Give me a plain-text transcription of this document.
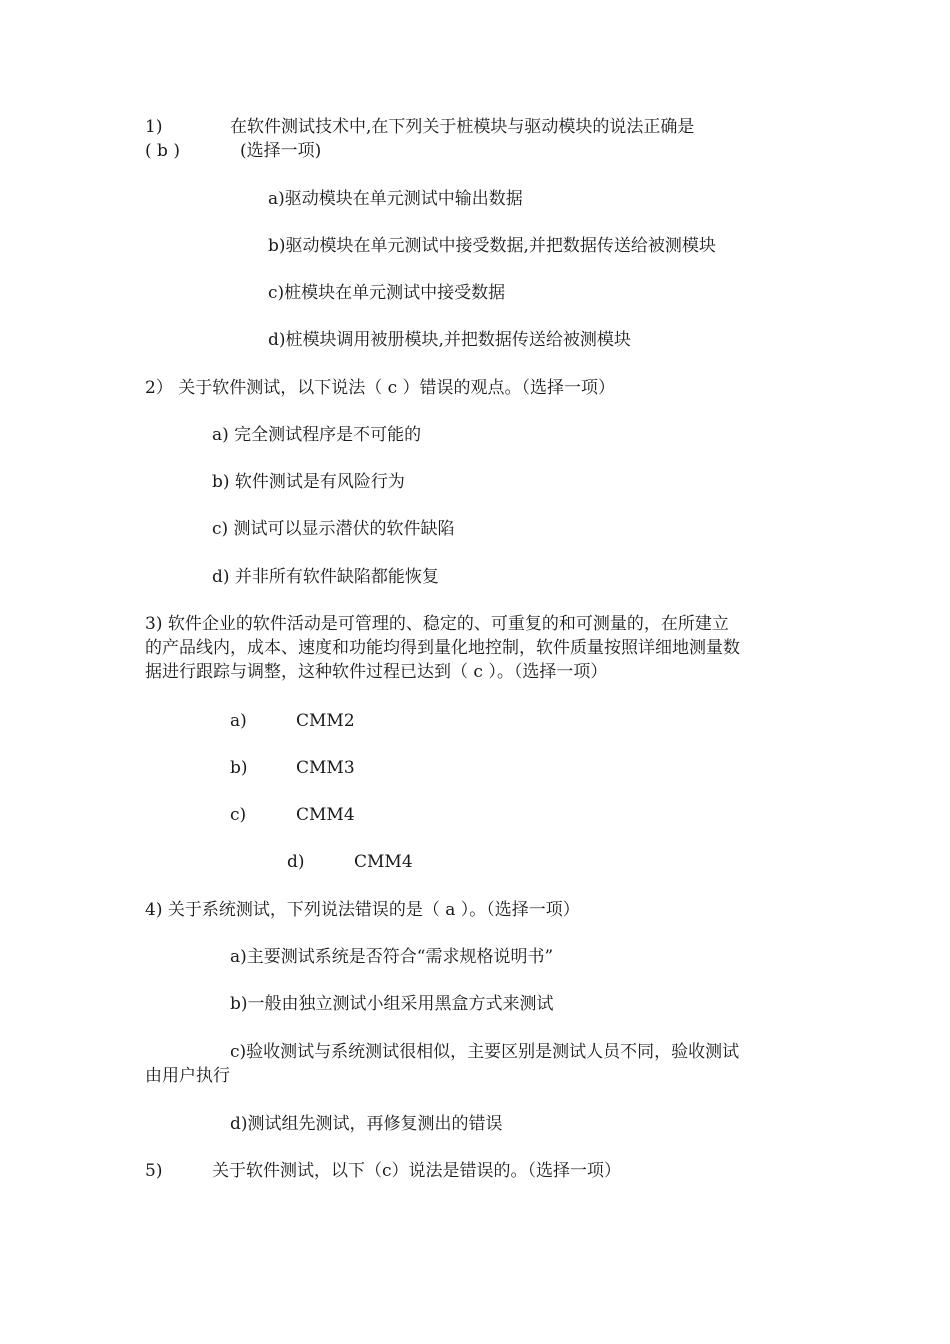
1)	在软件测试技术中,在下列关于桩模块与驱动模块的说法正确是
( b )	(选择一项)
a)驱动模块在单元测试中输出数据
b)驱动模块在单元测试中接受数据,并把数据传送给被测模块
c)桩模块在单元测试中接受数据
d)桩模块调用被册模块,并把数据传送给被测模块
2） 关于软件测试，以下说法（ c ）错误的观点。（选择一项）
a) 完全测试程序是不可能的
b) 软件测试是有风险行为
c) 测试可以显示潜伏的软件缺陷
d) 并非所有软件缺陷都能恢复
3) 软件企业的软件活动是可管理的、稳定的、可重复的和可测量的，在所建立
的产品线内，成本、速度和功能均得到量化地控制，软件质量按照详细地测量数
据进行跟踪与调整，这种软件过程已达到（ c ）。（选择一项）
a)	CMM2
b)	CMM3
c)	CMM4
d)	CMM4
4) 关于系统测试，下列说法错误的是（ a ）。（选择一项）
a)主要测试系统是否符合“需求规格说明书”
b)一般由独立测试小组采用黑盒方式来测试
c)验收测试与系统测试很相似，主要区别是测试人员不同，验收测试
由用户执行
d)测试组先测试，再修复测出的错误
5)	关于软件测试，以下（c）说法是错误的。（选择一项）
